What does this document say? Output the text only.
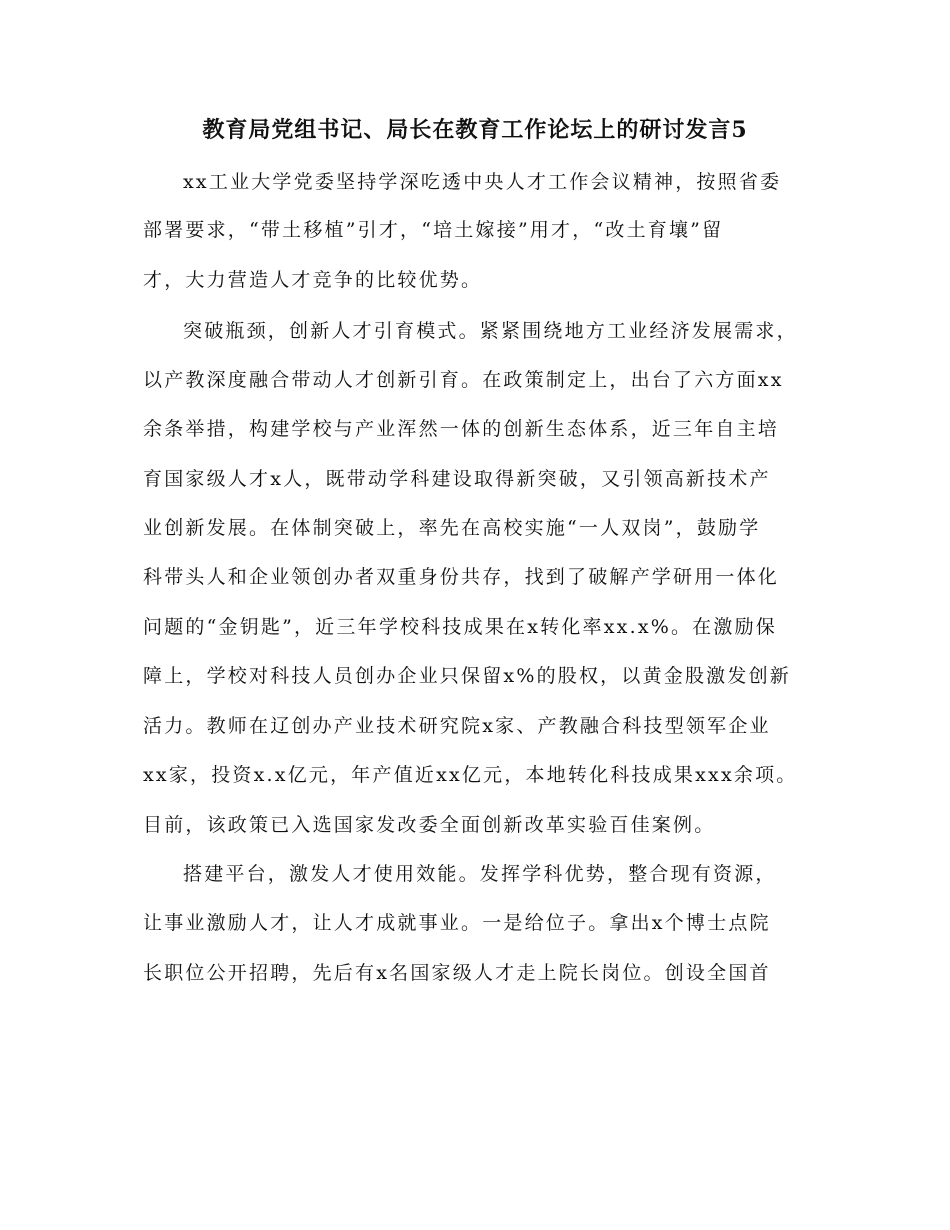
教育局党组书记、局长在教育工作论坛上的研讨发言5
xx工业大学党委坚持学深吃透中央人才工作会议精神，按照省委
部署要求，“带土移植”引才，“培土嫁接”用才，“改土育壤”留
才，大力营造人才竞争的比较优势。
突破瓶颈，创新人才引育模式。紧紧围绕地方工业经济发展需求，
以产教深度融合带动人才创新引育。在政策制定上，出台了六方面xx
余条举措，构建学校与产业浑然一体的创新生态体系，近三年自主培
育国家级人才x人，既带动学科建设取得新突破，又引领高新技术产
业创新发展。在体制突破上，率先在高校实施“一人双岗”，鼓励学
科带头人和企业领创办者双重身份共存，找到了破解产学研用一体化
问题的“金钥匙”，近三年学校科技成果在x转化率xx.x%。在激励保
障上，学校对科技人员创办企业只保留x%的股权，以黄金股激发创新
活力。教师在辽创办产业技术研究院x家、产教融合科技型领军企业
xx家，投资x.x亿元，年产值近xx亿元，本地转化科技成果xxx余项。
目前，该政策已入选国家发改委全面创新改革实验百佳案例。
搭建平台，激发人才使用效能。发挥学科优势，整合现有资源，
让事业激励人才，让人才成就事业。一是给位子。拿出x个博士点院
长职位公开招聘，先后有x名国家级人才走上院长岗位。创设全国首
